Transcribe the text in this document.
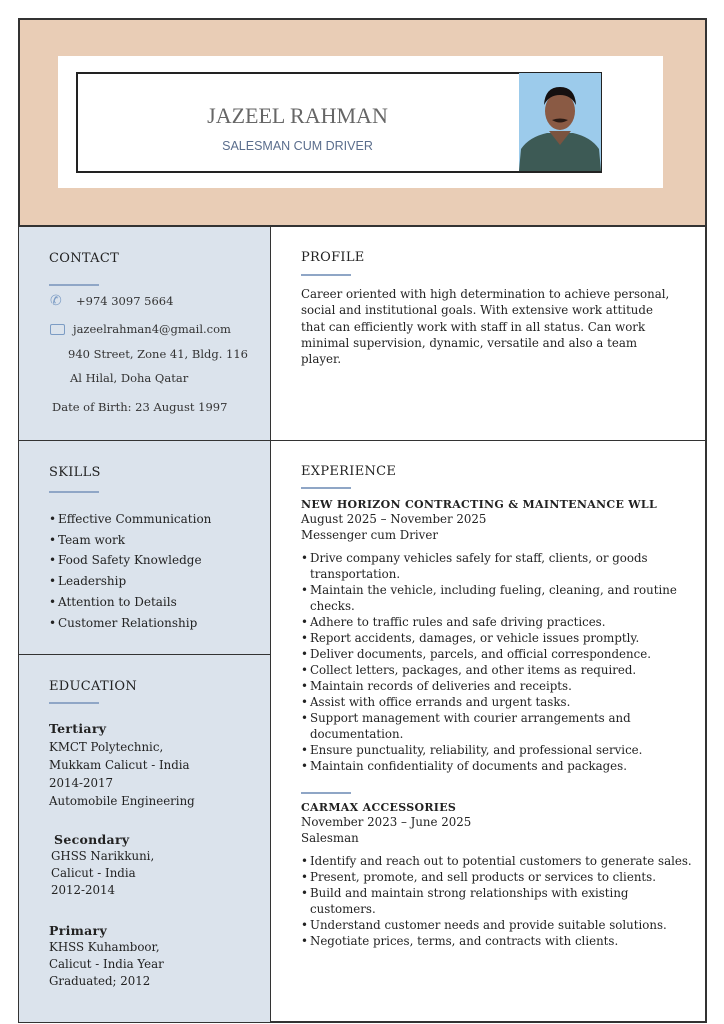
JAZEEL RAHMAN
SALESMAN CUM DRIVER
CONTACT
✆ +974 3097 5664
jazeelrahman4@gmail.com
940 Street, Zone 41, Bldg. 116
Al Hilal, Doha Qatar
Date of Birth: 23 August 1997
PROFILE
Career oriented with high determination to achieve personal, social and institutional goals. With extensive work attitude that can efficiently work with staff in all status. Can work minimal supervision, dynamic, versatile and also a team player.
SKILLS
• Effective Communication
• Team work
• Food Safety Knowledge
• Leadership
• Attention to Details
• Customer Relationship
EDUCATION
Tertiary
KMCT Polytechnic,
Mukkam Calicut - India
2014-2017
Automobile Engineering
Secondary
GHSS Narikkuni,
Calicut - India
2012-2014
Primary
KHSS Kuhamboor,
Calicut - India Year
Graduated; 2012
EXPERIENCE
NEW HORIZON CONTRACTING & MAINTENANCE WLL
August 2025 – November 2025
Messenger cum Driver
• Drive company vehicles safely for staff, clients, or goods transportation.
• Maintain the vehicle, including fueling, cleaning, and routine checks.
• Adhere to traffic rules and safe driving practices.
• Report accidents, damages, or vehicle issues promptly.
• Deliver documents, parcels, and official correspondence.
• Collect letters, packages, and other items as required.
• Maintain records of deliveries and receipts.
• Assist with office errands and urgent tasks.
• Support management with courier arrangements and documentation.
• Ensure punctuality, reliability, and professional service.
• Maintain confidentiality of documents and packages.
CARMAX ACCESSORIES
November 2023 – June 2025
Salesman
• Identify and reach out to potential customers to generate sales.
• Present, promote, and sell products or services to clients.
• Build and maintain strong relationships with existing customers.
• Understand customer needs and provide suitable solutions.
• Negotiate prices, terms, and contracts with clients.
